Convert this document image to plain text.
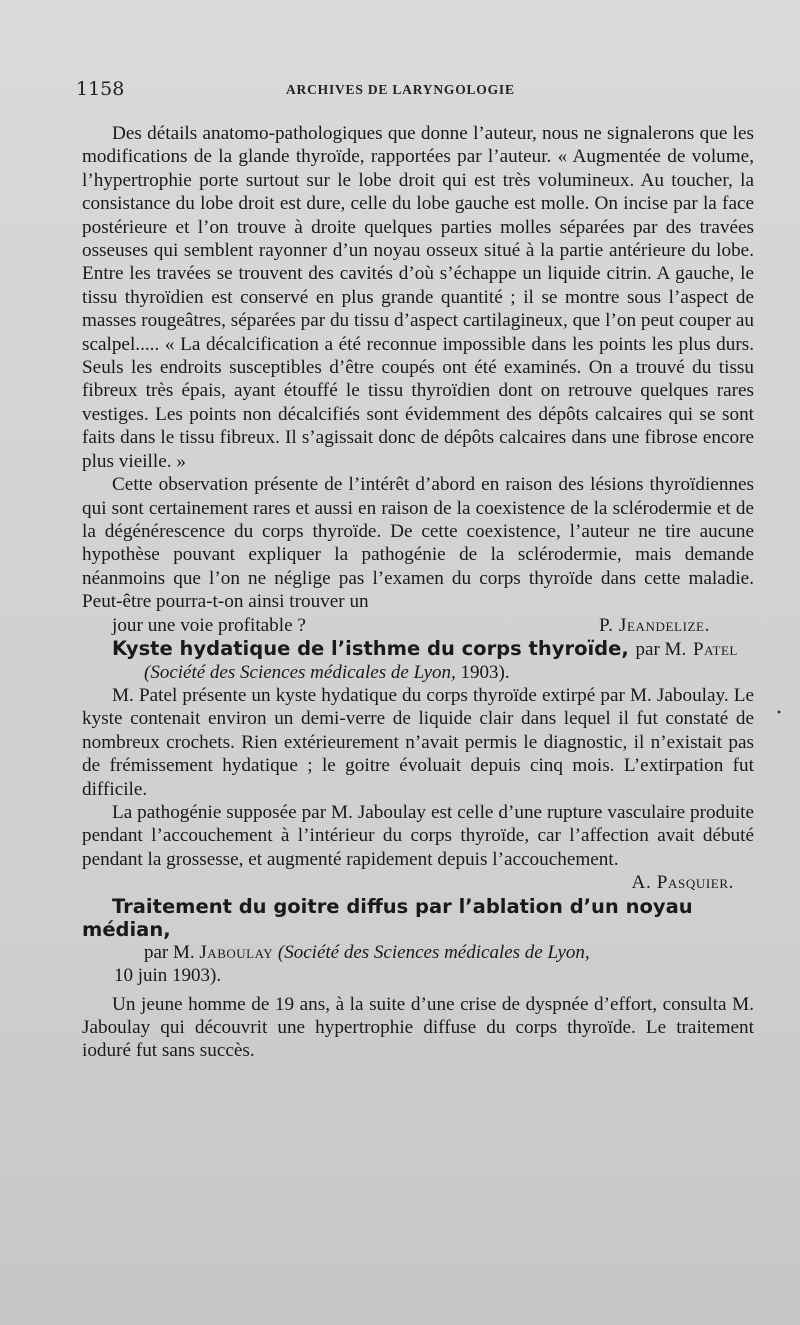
1158	ARCHIVES DE LARYNGOLOGIE

Des détails anatomo-pathologiques que donne l’auteur, nous ne signalerons que les modifications de la glande thyroïde, rapportées par l’auteur. « Augmentée de volume, l’hypertrophie porte surtout sur le lobe droit qui est très volumineux. Au toucher, la consistance du lobe droit est dure, celle du lobe gauche est molle. On incise par la face postérieure et l’on trouve à droite quelques parties molles séparées par des travées osseuses qui semblent rayonner d’un noyau osseux situé à la partie antérieure du lobe. Entre les travées se trouvent des cavités d’où s’échappe un liquide citrin. A gauche, le tissu thyroïdien est conservé en plus grande quantité ; il se montre sous l’aspect de masses rougeâtres, séparées par du tissu d’aspect cartilagineux, que l’on peut couper au scalpel..... « La décalcification a été reconnue impossible dans les points les plus durs. Seuls les endroits susceptibles d’être coupés ont été examinés. On a trouvé du tissu fibreux très épais, ayant étouffé le tissu thyroïdien dont on retrouve quelques rares vestiges. Les points non décalcifiés sont évidemment des dépôts calcaires qui se sont faits dans le tissu fibreux. Il s’agissait donc de dépôts calcaires dans une fibrose encore plus vieille. »

Cette observation présente de l’intérêt d’abord en raison des lésions thyroïdiennes qui sont certainement rares et aussi en raison de la coexistence de la sclérodermie et de la dégénérescence du corps thyroïde. De cette coexistence, l’auteur ne tire aucune hypothèse pouvant expliquer la pathogénie de la sclérodermie, mais demande néanmoins que l’on ne néglige pas l’examen du corps thyroïde dans cette maladie. Peut-être pourra-t-on ainsi trouver un

jour une voie profitable ?	P. Jeandelize.

Kyste hydatique de l’isthme du corps thyroïde, par M. Patel

(Société des Sciences médicales de Lyon, 1903).

M. Patel présente un kyste hydatique du corps thyroïde extirpé par M. Jaboulay. Le kyste contenait environ un demi-verre de liquide clair dans lequel il fut constaté de nombreux crochets. Rien extérieurement n’avait permis le diagnostic, il n’existait pas de frémissement hydatique ; le goitre évoluait depuis cinq mois. L’extirpation fut difficile.

La pathogénie supposée par M. Jaboulay est celle d’une rupture vasculaire produite pendant l’accouchement à l’intérieur du corps thyroïde, car l’affection avait débuté pendant la grossesse, et augmenté rapidement depuis l’accouchement.

A. Pasquier.

Traitement du goitre diffus par l’ablation d’un noyau médian,
par M. Jaboulay (Société des Sciences médicales de Lyon,
10 juin 1903).

Un jeune homme de 19 ans, à la suite d’une crise de dyspnée d’effort, consulta M. Jaboulay qui découvrit une hypertrophie diffuse du corps thyroïde. Le traitement ioduré fut sans succès.

•
